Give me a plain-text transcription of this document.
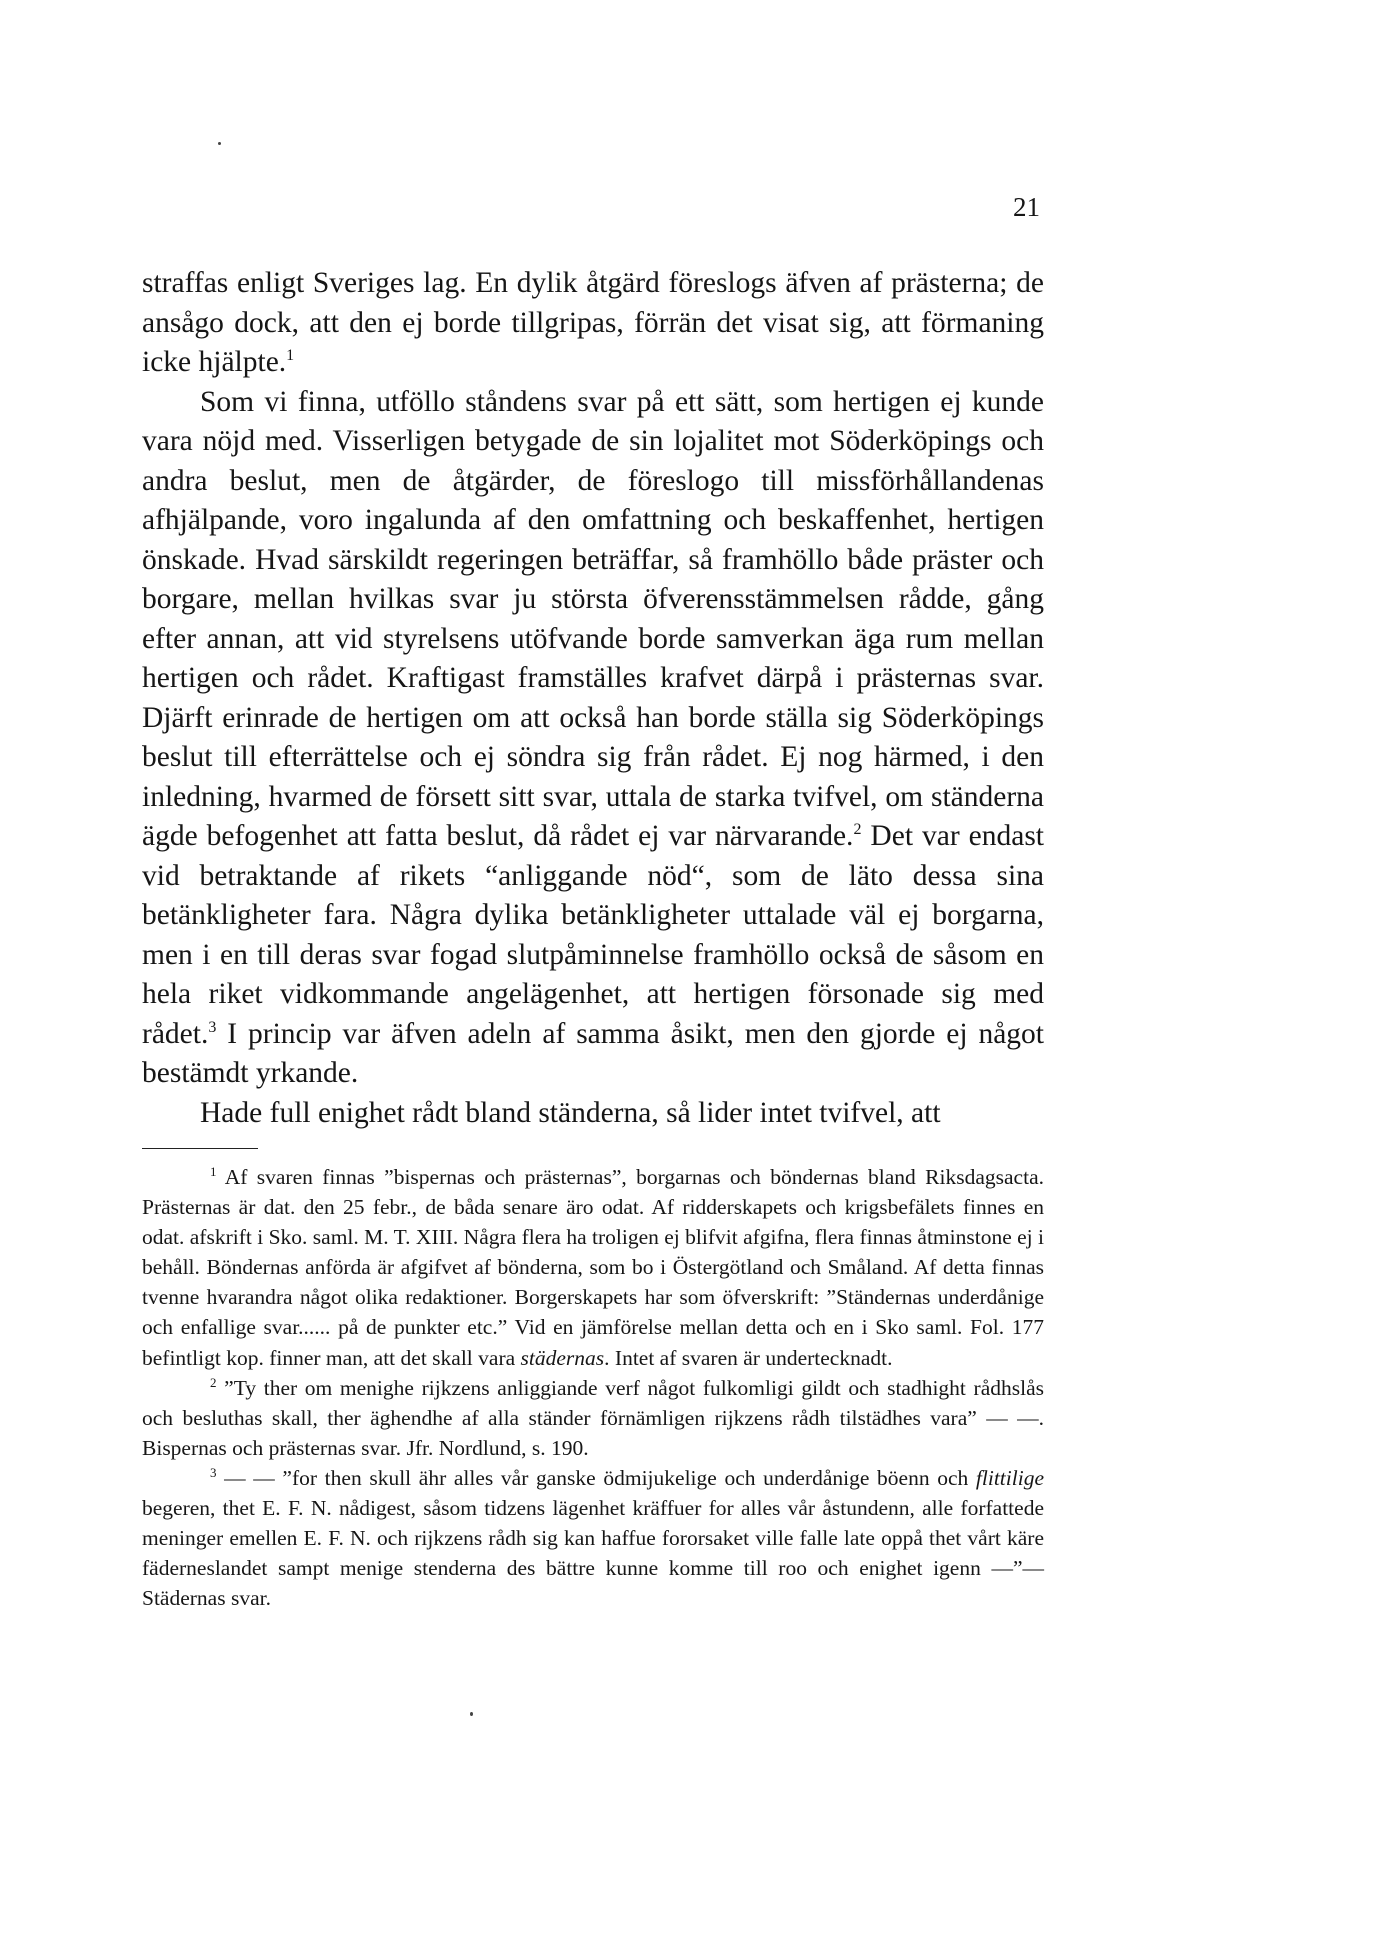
21

straffas enligt Sveriges lag. En dylik åtgärd föreslogs äfven af prästerna; de ansågo dock, att den ej borde tillgripas, förrän det visat sig, att förmaning icke hjälpte.$^1$

Som vi finna, utföllo ståndens svar på ett sätt, som hertigen ej kunde vara nöjd med. Visserligen betygade de sin lojalitet mot Söderköpings och andra beslut, men de åtgärder, de föreslogo till missförhållandenas afhjälpande, voro ingalunda af den omfattning och beskaffenhet, hertigen önskade. Hvad särskildt regeringen beträffar, så framhöllo både präster och borgare, mellan hvilkas svar ju största öfverensstämmelsen rådde, gång efter annan, att vid styrelsens utöfvande borde samverkan äga rum mellan hertigen och rådet. Kraftigast framställes krafvet därpå i prästernas svar. Djärft erinrade de hertigen om att också han borde ställa sig Söderköpings beslut till efterrättelse och ej söndra sig från rådet. Ej nog härmed, i den inledning, hvarmed de försett sitt svar, uttala de starka tvifvel, om ständerna ägde befogenhet att fatta beslut, då rådet ej var närvarande.$^2$ Det var endast vid betraktande af rikets “anliggande nöd“, som de läto dessa sina betänkligheter fara. Några dylika betänkligheter uttalade väl ej borgarna, men i en till deras svar fogad slutpåminnelse framhöllo också de såsom en hela riket vidkommande angelägenhet, att hertigen försonade sig med rådet.$^3$ I princip var äfven adeln af samma åsikt, men den gjorde ej något bestämdt yrkande.

Hade full enighet rådt bland ständerna, så lider intet tvifvel, att

$^1$ Af svaren finnas ”bispernas och prästernas”, borgarnas och böndernas bland Riksdagsacta. Prästernas är dat. den 25 febr., de båda senare äro odat. Af ridderskapets och krigsbefälets finnes en odat. afskrift i Sko. saml. M. T. XIII. Några flera ha troligen ej blifvit afgifna, flera finnas åtminstone ej i behåll. Böndernas anförda är afgifvet af bönderna, som bo i Östergötland och Småland. Af detta finnas tvenne hvarandra något olika redaktioner. Borgerskapets har som öfverskrift: ”Ständernas underdånige och enfallige svar...... på de punkter etc.” Vid en jämförelse mellan detta och en i Sko saml. Fol. 177 befintligt kop. finner man, att det skall vara städernas. Intet af svaren är undertecknadt.

$^2$ ”Ty ther om menighe rijkzens anliggiande verf något fulkomligi gildt och stadhight rådhslås och besluthas skall, ther äghendhe af alla ständer förnämligen rijkzens rådh tilstädhes vara” — —. Bispernas och prästernas svar. Jfr. Nordlund, s. 190.

$^3$ — — ”for then skull ähr alles vår ganske ödmijukelige och underdånige böenn och flittilige begeren, thet E. F. N. nådigest, såsom tidzens lägenhet kräffuer for alles vår åstundenn, alle forfattede meninger emellen E. F. N. och rijkzens rådh sig kan haffue fororsaket ville falle late oppå thet vårt käre fäderneslandet sampt menige stenderna des bättre kunne komme till roo och enighet igenn —”— Städernas svar.
